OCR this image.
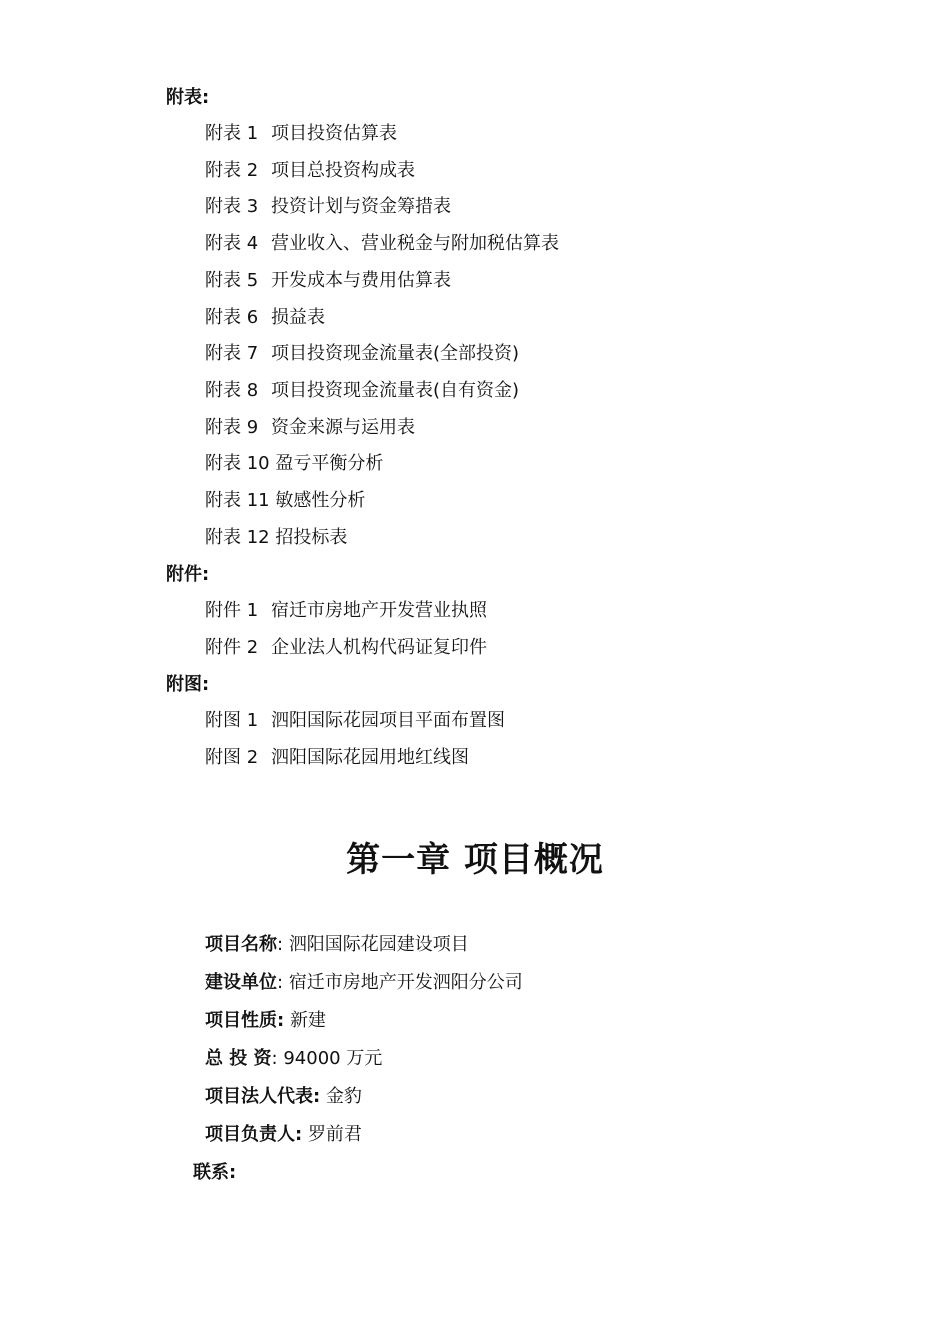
附表:
附表 1 项目投资估算表
附表 2 项目总投资构成表
附表 3 投资计划与资金筹措表
附表 4 营业收入、营业税金与附加税估算表
附表 5 开发成本与费用估算表
附表 6 损益表
附表 7 项目投资现金流量表(全部投资)
附表 8 项目投资现金流量表(自有资金)
附表 9 资金来源与运用表
附表 10 盈亏平衡分析
附表 11 敏感性分析
附表 12 招投标表
附件:
附件 1 宿迁市房地产开发营业执照
附件 2 企业法人机构代码证复印件
附图:
附图 1 泗阳国际花园项目平面布置图
附图 2 泗阳国际花园用地红线图
第一章 项目概况
项目名称: 泗阳国际花园建设项目
建设单位: 宿迁市房地产开发泗阳分公司
项目性质: 新建
总 投 资: 94000 万元
项目法人代表: 金豹
项目负责人: 罗前君
联系:
